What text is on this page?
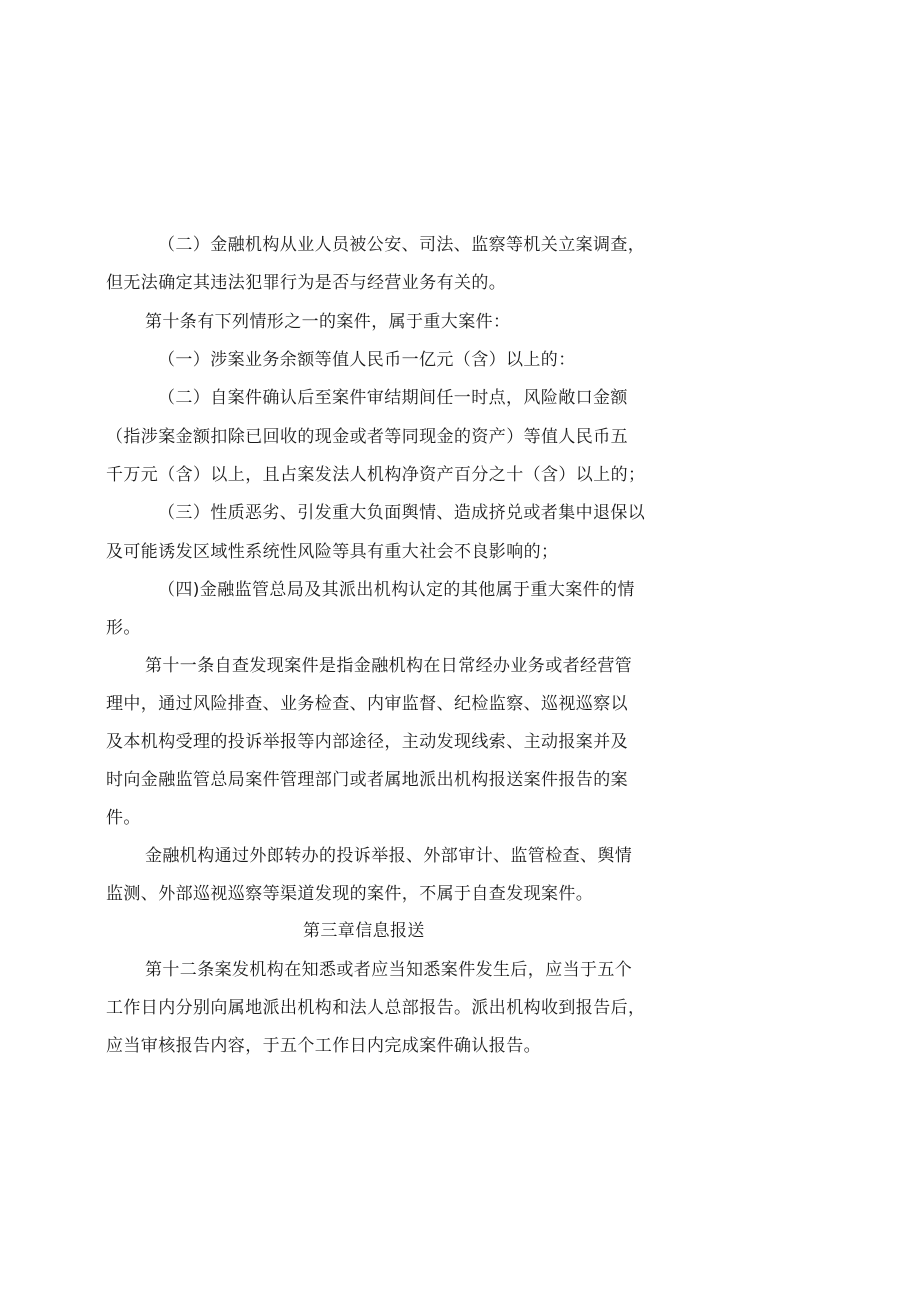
（二）金融机构从业人员被公安、司法、监察等机关立案调查，
但无法确定其违法犯罪行为是否与经营业务有关的。
第十条有下列情形之一的案件，属于重大案件：
（一）涉案业务余额等值人民币一亿元（含）以上的：
（二）自案件确认后至案件审结期间任一时点，风险敞口金额
（指涉案金额扣除已回收的现金或者等同现金的资产）等值人民币五
千万元（含）以上，且占案发法人机构净资产百分之十（含）以上的；
（三）性质恶劣、引发重大负面舆情、造成挤兑或者集中退保以
及可能诱发区域性系统性风险等具有重大社会不良影响的；
（四)金融监管总局及其派出机构认定的其他属于重大案件的情
形。
第十一条自查发现案件是指金融机构在日常经办业务或者经营管
理中，通过风险排查、业务检查、内审监督、纪检监察、巡视巡察以
及本机构受理的投诉举报等内部途径，主动发现线索、主动报案并及
时向金融监管总局案件管理部门或者属地派出机构报送案件报告的案
件。
金融机构通过外郎转办的投诉举报、外部审计、监管检查、舆情
监测、外部巡视巡察等渠道发现的案件，不属于自查发现案件。
第三章信息报送
第十二条案发机构在知悉或者应当知悉案件发生后，应当于五个
工作日内分别向属地派出机构和法人总部报告。派出机构收到报告后，
应当审核报告内容，于五个工作日内完成案件确认报告。
